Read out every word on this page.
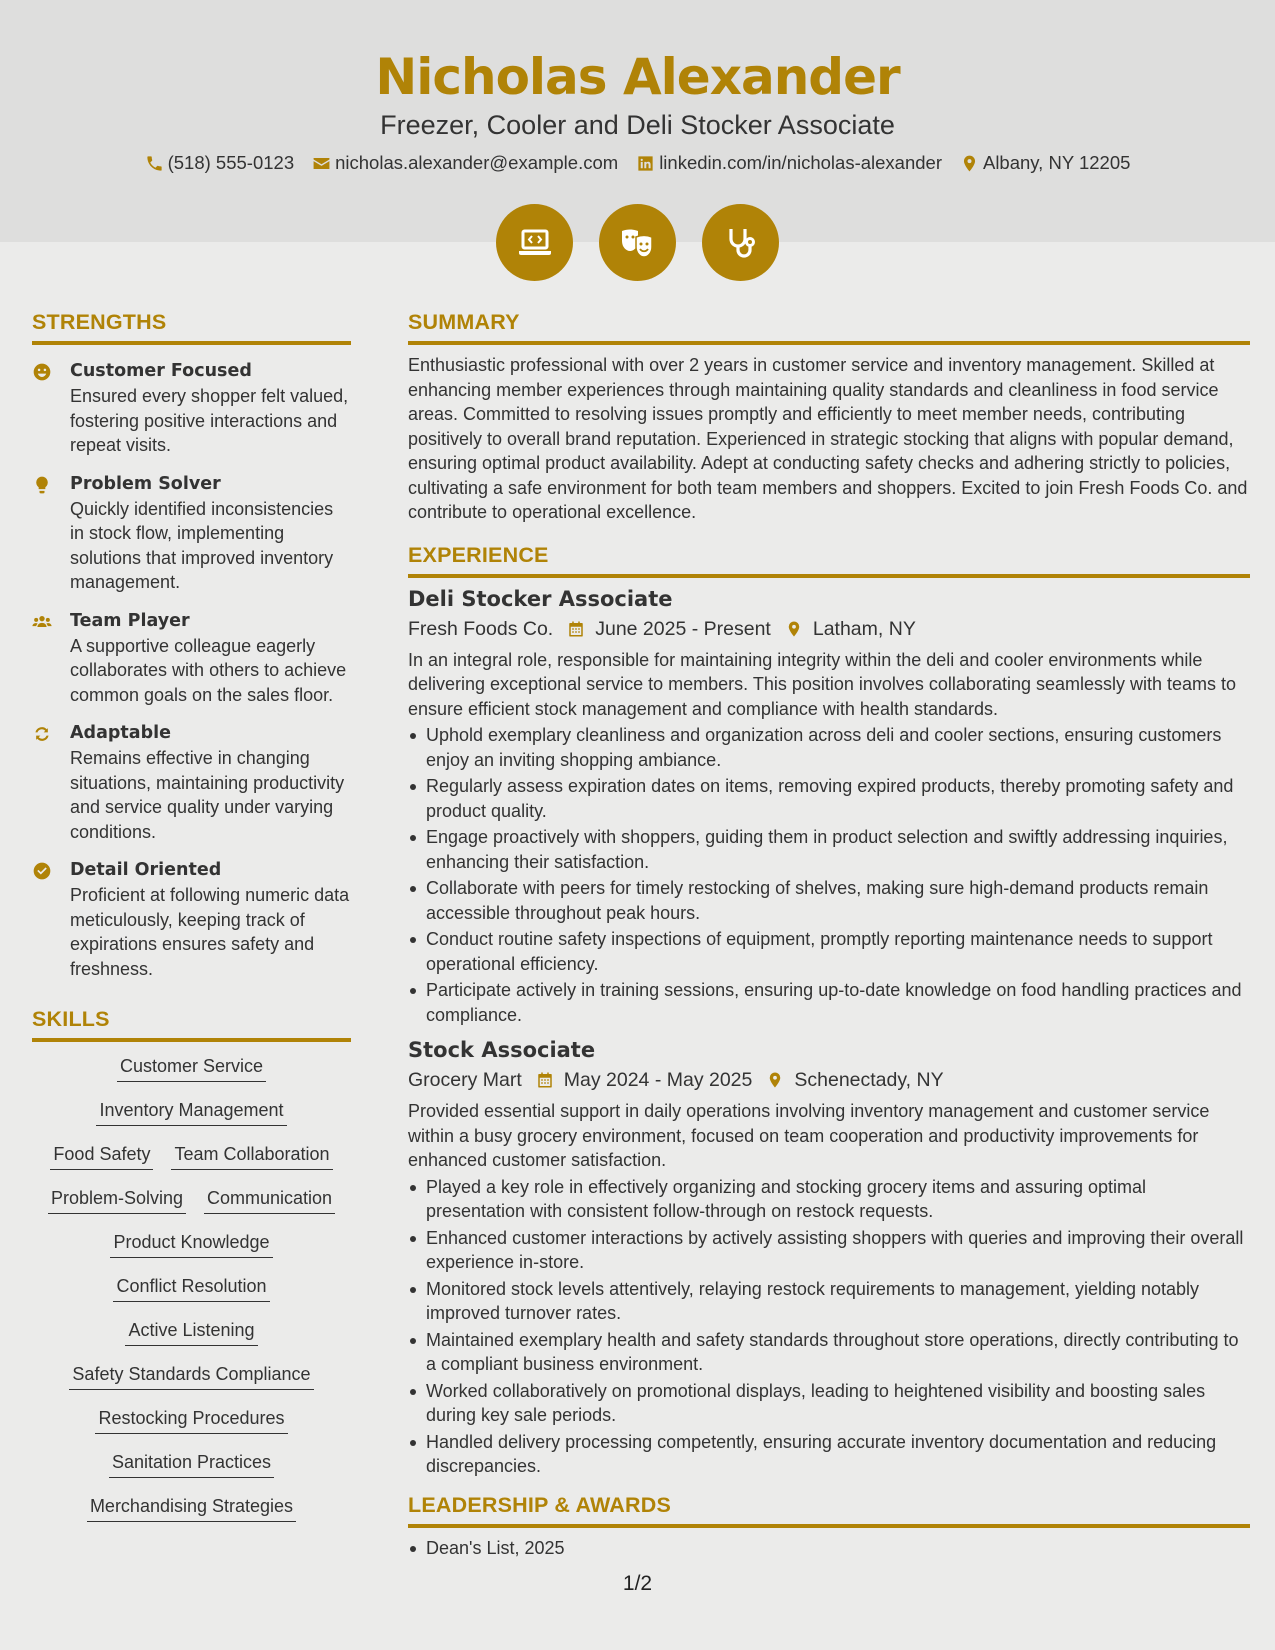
Nicholas Alexander
Freezer, Cooler and Deli Stocker Associate
(518) 555-0123 nicholas.alexander@example.com linkedin.com/in/nicholas-alexander Albany, NY 12205
STRENGTHS
Customer Focused
Ensured every shopper felt valued, fostering positive interactions and repeat visits.
Problem Solver
Quickly identified inconsistencies in stock flow, implementing solutions that improved inventory management.
Team Player
A supportive colleague eagerly collaborates with others to achieve common goals on the sales floor.
Adaptable
Remains effective in changing situations, maintaining productivity and service quality under varying conditions.
Detail Oriented
Proficient at following numeric data meticulously, keeping track of expirations ensures safety and freshness.
SKILLS
Customer Service
Inventory Management
Food Safety Team Collaboration
Problem-Solving Communication
Product Knowledge
Conflict Resolution
Active Listening
Safety Standards Compliance
Restocking Procedures
Sanitation Practices
Merchandising Strategies
SUMMARY
Enthusiastic professional with over 2 years in customer service and inventory management. Skilled at enhancing member experiences through maintaining quality standards and cleanliness in food service areas. Committed to resolving issues promptly and efficiently to meet member needs, contributing positively to overall brand reputation. Experienced in strategic stocking that aligns with popular demand, ensuring optimal product availability. Adept at conducting safety checks and adhering strictly to policies, cultivating a safe environment for both team members and shoppers. Excited to join Fresh Foods Co. and contribute to operational excellence.
EXPERIENCE
Deli Stocker Associate
Fresh Foods Co. June 2025 - Present Latham, NY
In an integral role, responsible for maintaining integrity within the deli and cooler environments while delivering exceptional service to members. This position involves collaborating seamlessly with teams to ensure efficient stock management and compliance with health standards.
Uphold exemplary cleanliness and organization across deli and cooler sections, ensuring customers enjoy an inviting shopping ambiance.
Regularly assess expiration dates on items, removing expired products, thereby promoting safety and product quality.
Engage proactively with shoppers, guiding them in product selection and swiftly addressing inquiries, enhancing their satisfaction.
Collaborate with peers for timely restocking of shelves, making sure high-demand products remain accessible throughout peak hours.
Conduct routine safety inspections of equipment, promptly reporting maintenance needs to support operational efficiency.
Participate actively in training sessions, ensuring up-to-date knowledge on food handling practices and compliance.
Stock Associate
Grocery Mart May 2024 - May 2025 Schenectady, NY
Provided essential support in daily operations involving inventory management and customer service within a busy grocery environment, focused on team cooperation and productivity improvements for enhanced customer satisfaction.
Played a key role in effectively organizing and stocking grocery items and assuring optimal presentation with consistent follow-through on restock requests.
Enhanced customer interactions by actively assisting shoppers with queries and improving their overall experience in-store.
Monitored stock levels attentively, relaying restock requirements to management, yielding notably improved turnover rates.
Maintained exemplary health and safety standards throughout store operations, directly contributing to a compliant business environment.
Worked collaboratively on promotional displays, leading to heightened visibility and boosting sales during key sale periods.
Handled delivery processing competently, ensuring accurate inventory documentation and reducing discrepancies.
LEADERSHIP & AWARDS
Dean's List, 2025
1/2
